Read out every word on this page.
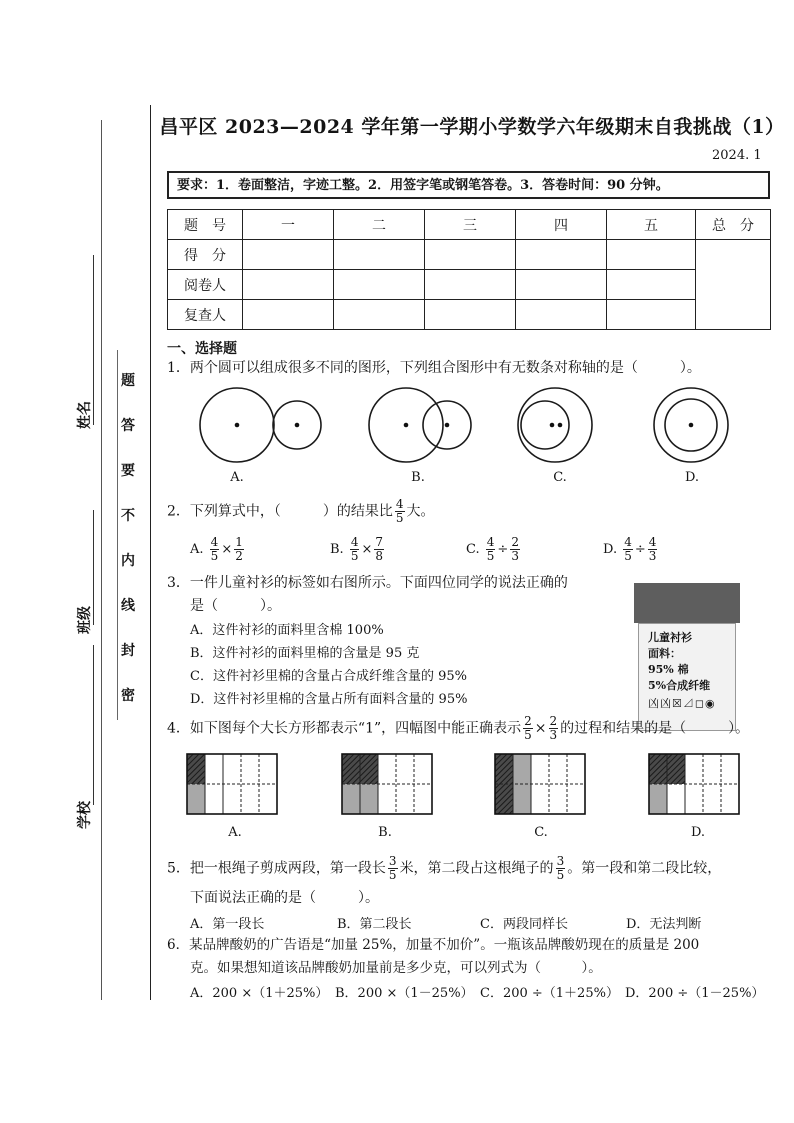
题
答
要
不
内
线
封
密
姓名
班级
学校
昌平区 2023—2024 学年第一学期小学数学六年级期末自我挑战（1）
2024. 1
要求：1．卷面整洁，字迹工整。2．用签字笔或钢笔答卷。3．答卷时间：90 分钟。
题　号	一	二	三	四	五	总　分
得　分						
阅卷人						
复查人						
一、选择题
1．两个圆可以组成很多不同的图形，下列组合图形中有无数条对称轴的是（　　　）。
A.	B.	C.	D.
2．下列算式中，（　　　）的结果比 $\frac{4}{5}$ 大。
A. $\frac{4}{5} \times \frac{1}{2}$	B. $\frac{4}{5} \times \frac{7}{8}$	C. $\frac{4}{5} \div \frac{2}{3}$	D. $\frac{4}{5} \div \frac{4}{3}$
3．一件儿童衬衫的标签如右图所示。下面四位同学的说法正确的
是（　　　）。
A．这件衬衫的面料里含棉 100%
B．这件衬衫的面料里棉的含量是 95 克
C．这件衬衫里棉的含量占合成纤维含量的 95%
D．这件衬衫里棉的含量占所有面料含量的 95%
儿童衬衫
面料：
95% 棉
5%合成纤维
凶凶☒⊿◻◉
4．如下图每个大长方形都表示“1”，四幅图中能正确表示 $\frac{2}{5} \times \frac{2}{3}$ 的过程和结果的是（　　　）。
A.	B.	C.	D.
5．把一根绳子剪成两段，第一段长 $\frac{3}{5}$ 米，第二段占这根绳子的 $\frac{3}{5}$ 。第一段和第二段比较，
下面说法正确的是（　　　）。
A．第一段长	B．第二段长	C．两段同样长	D．无法判断
6．某品牌酸奶的广告语是“加量 25%，加量不加价”。一瓶该品牌酸奶现在的质量是 200
克。如果想知道该品牌酸奶加量前是多少克，可以列式为（　　　）。
A．200 ×（1＋25%） B．200 ×（1－25%） C．200 ÷（1＋25%） D．200 ÷（1－25%）
